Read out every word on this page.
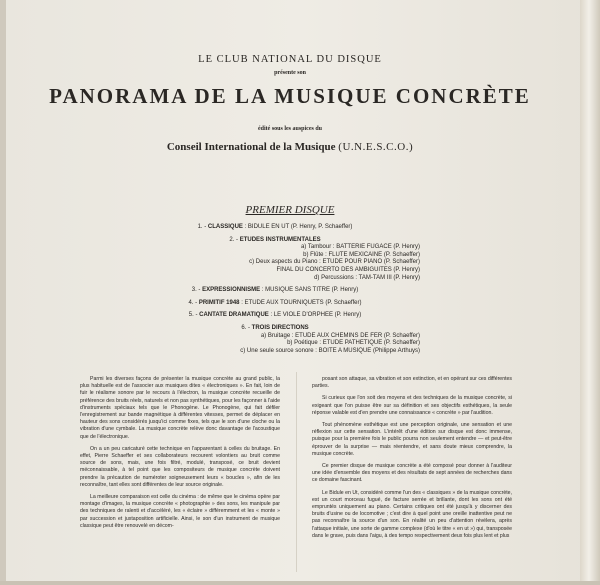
LE CLUB NATIONAL DU DISQUE
présente son
PANORAMA DE LA MUSIQUE CONCRÈTE
édité sous les auspices du
Conseil International de la Musique (U.N.E.S.C.O.)
PREMIER DISQUE
1. - CLASSIQUE : BIDULE EN UT (P. Henry, P. Schaeffer)
2. - ETUDES INSTRUMENTALES
a) Tambour : BATTERIE FUGACE (P. Henry)
b) Flûte : FLUTE MEXICAINE (P. Schaeffer)
c) Deux aspects du Piano : ETUDE POUR PIANO (P. Schaeffer)
FINAL DU CONCERTO DES AMBIGUITES (P. Henry)
d) Percussions : TAM-TAM III (P. Henry)
3. - EXPRESSIONNISME : MUSIQUE SANS TITRE (P. Henry)
4. - PRIMITIF 1948 : ETUDE AUX TOURNIQUETS (P. Schaeffer)
5. - CANTATE DRAMATIQUE : LE VIOLE D'ORPHEE (P. Henry)
6. - TROIS DIRECTIONS
a) Bruitage : ETUDE AUX CHEMINS DE FER (P. Schaeffer)
b) Poétique : ETUDE PATHETIQUE (P. Schaeffer)
c) Une seule source sonore : BOITE A MUSIQUE (Philippe Arthuys)

Parmi les diverses façons de présenter la musique concrète au grand public, la plus habituelle est de l'associer aux musiques dites « électroniques ». En fait, loin de fuir le réalisme sonore par le recours à l'électron, la musique concrète recueille de préférence des bruits réels, naturels et non pas synthétiques, pour les façonner à l'aide d'instruments spéciaux tels que le Phonogène. Le Phonogène, qui fait défiler l'enregistrement sur bande magnétique à différentes vitesses, permet de déplacer en hauteur des sons considérés jusqu'ici comme fixes, tels que le son d'une cloche ou la vibration d'une cymbale. La musique concrète relève donc davantage de l'acoustique que de l'électronique.

On a un peu caricaturé cette technique en l'apparentant à celles du bruitage. En effet, Pierre Schaeffer et ses collaborateurs recourent volontiers au bruit comme source de sons, mais, une fois filtré, modulé, transposé, ce bruit devient méconnaissable, à tel point que les compositeurs de musique concrète doivent prendre la précaution de numéroter soigneusement leurs « boucles », afin de les reconnaître, tant elles sont différentes de leur source originale.

La meilleure comparaison est celle du cinéma : de même que le cinéma opère par montage d'images, la musique concrète « photographie » des sons, les manipule par des techniques de ralenti et d'accéléré, les « éclaire » différemment et les « monte » par succession et juxtaposition artificielle. Ainsi, le son d'un instrument de musique classique peut être renouvelé en décom-

posant son attaque, sa vibration et son extinction, et en opérant sur ces différentes parties.

Si curieux que l'on soit des moyens et des techniques de la musique concrète, si exigeant que l'on puisse être sur sa définition et ses objectifs esthétiques, la seule réponse valable est d'en prendre une connaissance « concrète » par l'audition.

Tout phénomène esthétique est une perception originale, une sensation et une réflexion sur cette sensation. L'intérêt d'une édition sur disque est donc immense, puisque pour la première fois le public pourra non seulement entendre — et peut-être éprouver de la surprise — mais réentendre, et sans doute mieux comprendre, la musique concrète.

Ce premier disque de musique concrète a été composé pour donner à l'auditeur une idée d'ensemble des moyens et des résultats de sept années de recherches dans ce domaine fascinant.

Le Bidule en Ut, considéré comme l'un des « classiques » de la musique concrète, est un court morceau fugué, de facture serrée et brillante, dont les sons ont été empruntés uniquement au piano. Certains critiques ont été jusqu'à y discerner des bruits d'usine ou de locomotive ; c'est dire à quel point une oreille inattentive peut ne pas reconnaître la source d'un son. En réalité un peu d'attention révélera, après l'attaque initiale, une sorte de gamme complexe (d'où le titre « en ut ») qui, transposée dans le grave, puis dans l'aigu, à des tempo respectivement deux fois plus lent et plus
